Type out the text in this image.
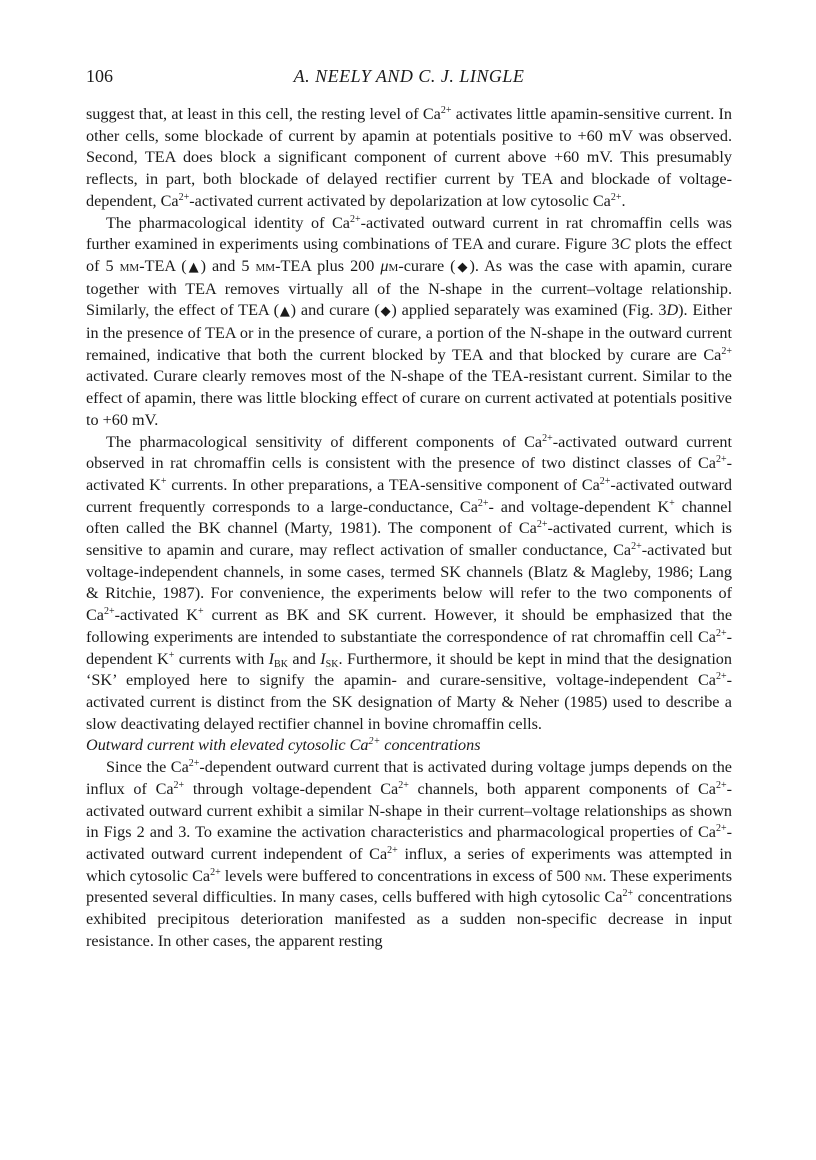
106	A. NEELY AND C. J. LINGLE

suggest that, at least in this cell, the resting level of $Ca^{2+}$ activates little apamin-sensitive current. In other cells, some blockade of current by apamin at potentials positive to +60 mV was observed. Second, TEA does block a significant component of current above +60 mV. This presumably reflects, in part, both blockade of delayed rectifier current by TEA and blockade of voltage-dependent, $Ca^{2+}$-activated current activated by depolarization at low cytosolic $Ca^{2+}$.

The pharmacological identity of $Ca^{2+}$-activated outward current in rat chromaffin cells was further examined in experiments using combinations of TEA and curare. Figure 3C plots the effect of 5 mm-TEA (▲) and 5 mm-TEA plus 200 μm-curare (◆). As was the case with apamin, curare together with TEA removes virtually all of the N-shape in the current–voltage relationship. Similarly, the effect of TEA (▲) and curare (◆) applied separately was examined (Fig. 3D). Either in the presence of TEA or in the presence of curare, a portion of the N-shape in the outward current remained, indicative that both the current blocked by TEA and that blocked by curare are $Ca^{2+}$ activated. Curare clearly removes most of the N-shape of the TEA-resistant current. Similar to the effect of apamin, there was little blocking effect of curare on current activated at potentials positive to +60 mV.

The pharmacological sensitivity of different components of $Ca^{2+}$-activated outward current observed in rat chromaffin cells is consistent with the presence of two distinct classes of $Ca^{2+}$-activated K+ currents. In other preparations, a TEA-sensitive component of $Ca^{2+}$-activated outward current frequently corresponds to a large-conductance, $Ca^{2+}-$ and voltage-dependent K+ channel often called the BK channel (Marty, 1981). The component of $Ca^{2+}$-activated current, which is sensitive to apamin and curare, may reflect activation of smaller conductance, $Ca^{2+}$-activated but voltage-independent channels, in some cases, termed SK channels (Blatz & Magleby, 1986; Lang & Ritchie, 1987). For convenience, the experiments below will refer to the two components of $Ca^{2+}$-activated K+ current as BK and SK current. However, it should be emphasized that the following experiments are intended to substantiate the correspondence of rat chromaffin cell $Ca^{2+}$-dependent K+ currents with $I_{BK}$ and $I_{SK}$. Furthermore, it should be kept in mind that the designation ‘SK’ employed here to signify the apamin- and curare-sensitive, voltage-independent $Ca^{2+}$-activated current is distinct from the SK designation of Marty & Neher (1985) used to describe a slow deactivating delayed rectifier channel in bovine chromaffin cells.

Outward current with elevated cytosolic $Ca^{2+}$ concentrations

Since the $Ca^{2+}$-dependent outward current that is activated during voltage jumps depends on the influx of $Ca^{2+}$ through voltage-dependent $Ca^{2+}$ channels, both apparent components of $Ca^{2+}$-activated outward current exhibit a similar N-shape in their current–voltage relationships as shown in Figs 2 and 3. To examine the activation characteristics and pharmacological properties of $Ca^{2+}$-activated outward current independent of $Ca^{2+}$ influx, a series of experiments was attempted in which cytosolic $Ca^{2+}$ levels were buffered to concentrations in excess of 500 nm. These experiments presented several difficulties. In many cases, cells buffered with high cytosolic $Ca^{2+}$ concentrations exhibited precipitous deterioration manifested as a sudden non-specific decrease in input resistance. In other cases, the apparent resting
